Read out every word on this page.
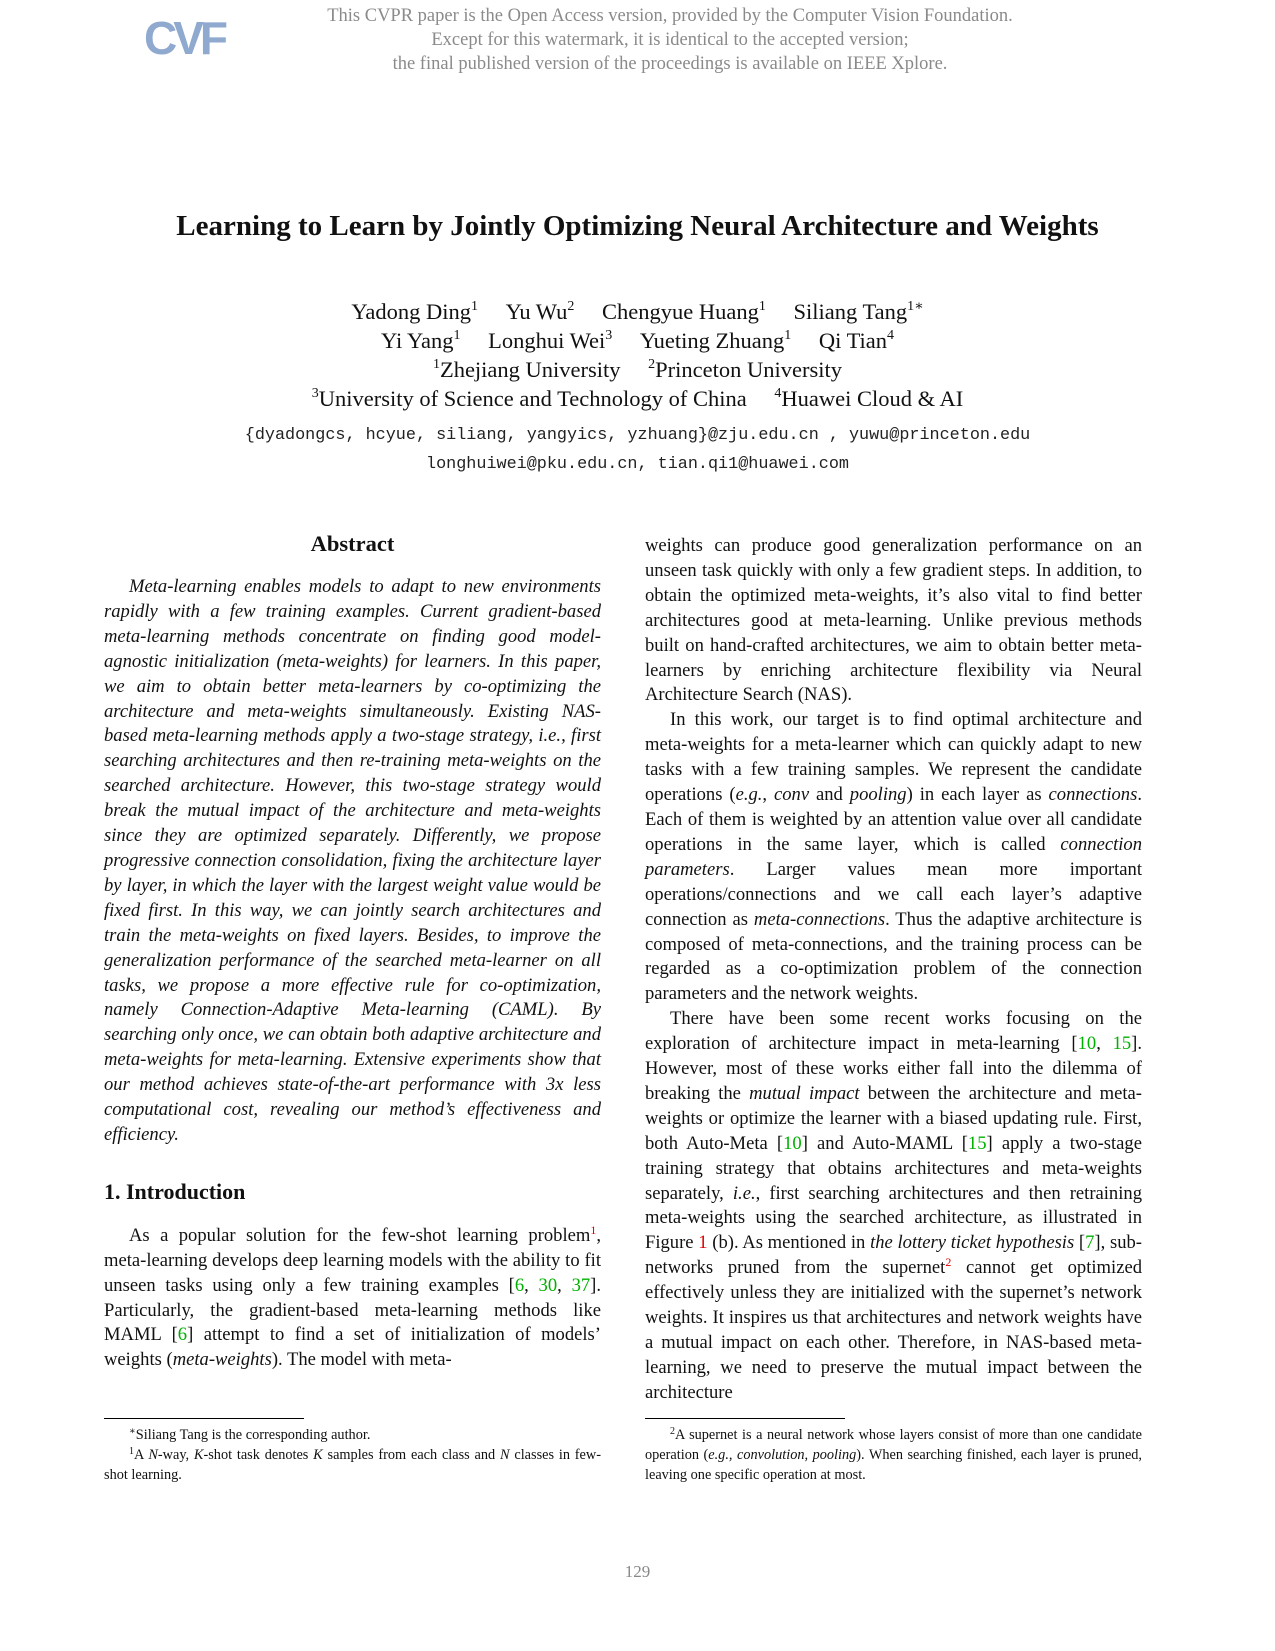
CVF	This CVPR paper is the Open Access version, provided by the Computer Vision Foundation.
Except for this watermark, it is identical to the accepted version;
the final published version of the proceedings is available on IEEE Xplore.
Learning to Learn by Jointly Optimizing Neural Architecture and Weights
Yadong Ding$^1$ Yu Wu$^2$ Chengyue Huang$^1$ Siliang Tang$^{1∗}$
Yi Yang$^1$ Longhui Wei$^3$ Yueting Zhuang$^1$ Qi Tian$^4$
$^1$Zhejiang University $^2$Princeton University
$^3$University of Science and Technology of China $^4$Huawei Cloud & AI
{dyadongcs, hcyue, siliang, yangyics, yzhuang}@zju.edu.cn , yuwu@princeton.edu
longhuiwei@pku.edu.cn, tian.qi1@huawei.com
Abstract

Meta-learning enables models to adapt to new environments rapidly with a few training examples. Current gradient-based meta-learning methods concentrate on finding good model-agnostic initialization (meta-weights) for learners. In this paper, we aim to obtain better meta-learners by co-optimizing the architecture and meta-weights simultaneously. Existing NAS-based meta-learning methods apply a two-stage strategy, i.e., first searching architectures and then re-training meta-weights on the searched architecture. However, this two-stage strategy would break the mutual impact of the architecture and meta-weights since they are optimized separately. Differently, we propose progressive connection consolidation, fixing the architecture layer by layer, in which the layer with the largest weight value would be fixed first. In this way, we can jointly search architectures and train the meta-weights on fixed layers. Besides, to improve the generalization performance of the searched meta-learner on all tasks, we propose a more effective rule for co-optimization, namely Connection-Adaptive Meta-learning (CAML). By searching only once, we can obtain both adaptive architecture and meta-weights for meta-learning. Extensive experiments show that our method achieves state-of-the-art performance with 3x less computational cost, revealing our method’s effectiveness and efficiency.

1. Introduction

As a popular solution for the few-shot learning problem$^1$, meta-learning develops deep learning models with the ability to fit unseen tasks using only a few training examples [6, 30, 37]. Particularly, the gradient-based meta-learning methods like MAML [6] attempt to find a set of initialization of models’ weights (meta-weights). The model with meta-

weights can produce good generalization performance on an unseen task quickly with only a few gradient steps. In addition, to obtain the optimized meta-weights, it’s also vital to find better architectures good at meta-learning. Unlike previous methods built on hand-crafted architectures, we aim to obtain better meta-learners by enriching architecture flexibility via Neural Architecture Search (NAS).

In this work, our target is to find optimal architecture and meta-weights for a meta-learner which can quickly adapt to new tasks with a few training samples. We represent the candidate operations (e.g., conv and pooling) in each layer as connections. Each of them is weighted by an attention value over all candidate operations in the same layer, which is called connection parameters. Larger values mean more important operations/connections and we call each layer’s adaptive connection as meta-connections. Thus the adaptive architecture is composed of meta-connections, and the training process can be regarded as a co-optimization problem of the connection parameters and the network weights.

There have been some recent works focusing on the exploration of architecture impact in meta-learning [10, 15]. However, most of these works either fall into the dilemma of breaking the mutual impact between the architecture and meta-weights or optimize the learner with a biased updating rule. First, both Auto-Meta [10] and Auto-MAML [15] apply a two-stage training strategy that obtains architectures and meta-weights separately, i.e., first searching architectures and then retraining meta-weights using the searched architecture, as illustrated in Figure 1 (b). As mentioned in the lottery ticket hypothesis [7], sub-networks pruned from the supernet$^2$ cannot get optimized effectively unless they are initialized with the supernet’s network weights. It inspires us that architectures and network weights have a mutual impact on each other. Therefore, in NAS-based meta-learning, we need to preserve the mutual impact between the architecture

∗Siliang Tang is the corresponding author.

$^1$A N-way, K-shot task denotes K samples from each class and N classes in few-shot learning.

$^2$A supernet is a neural network whose layers consist of more than one candidate operation (e.g., convolution, pooling). When searching finished, each layer is pruned, leaving one specific operation at most.

129
